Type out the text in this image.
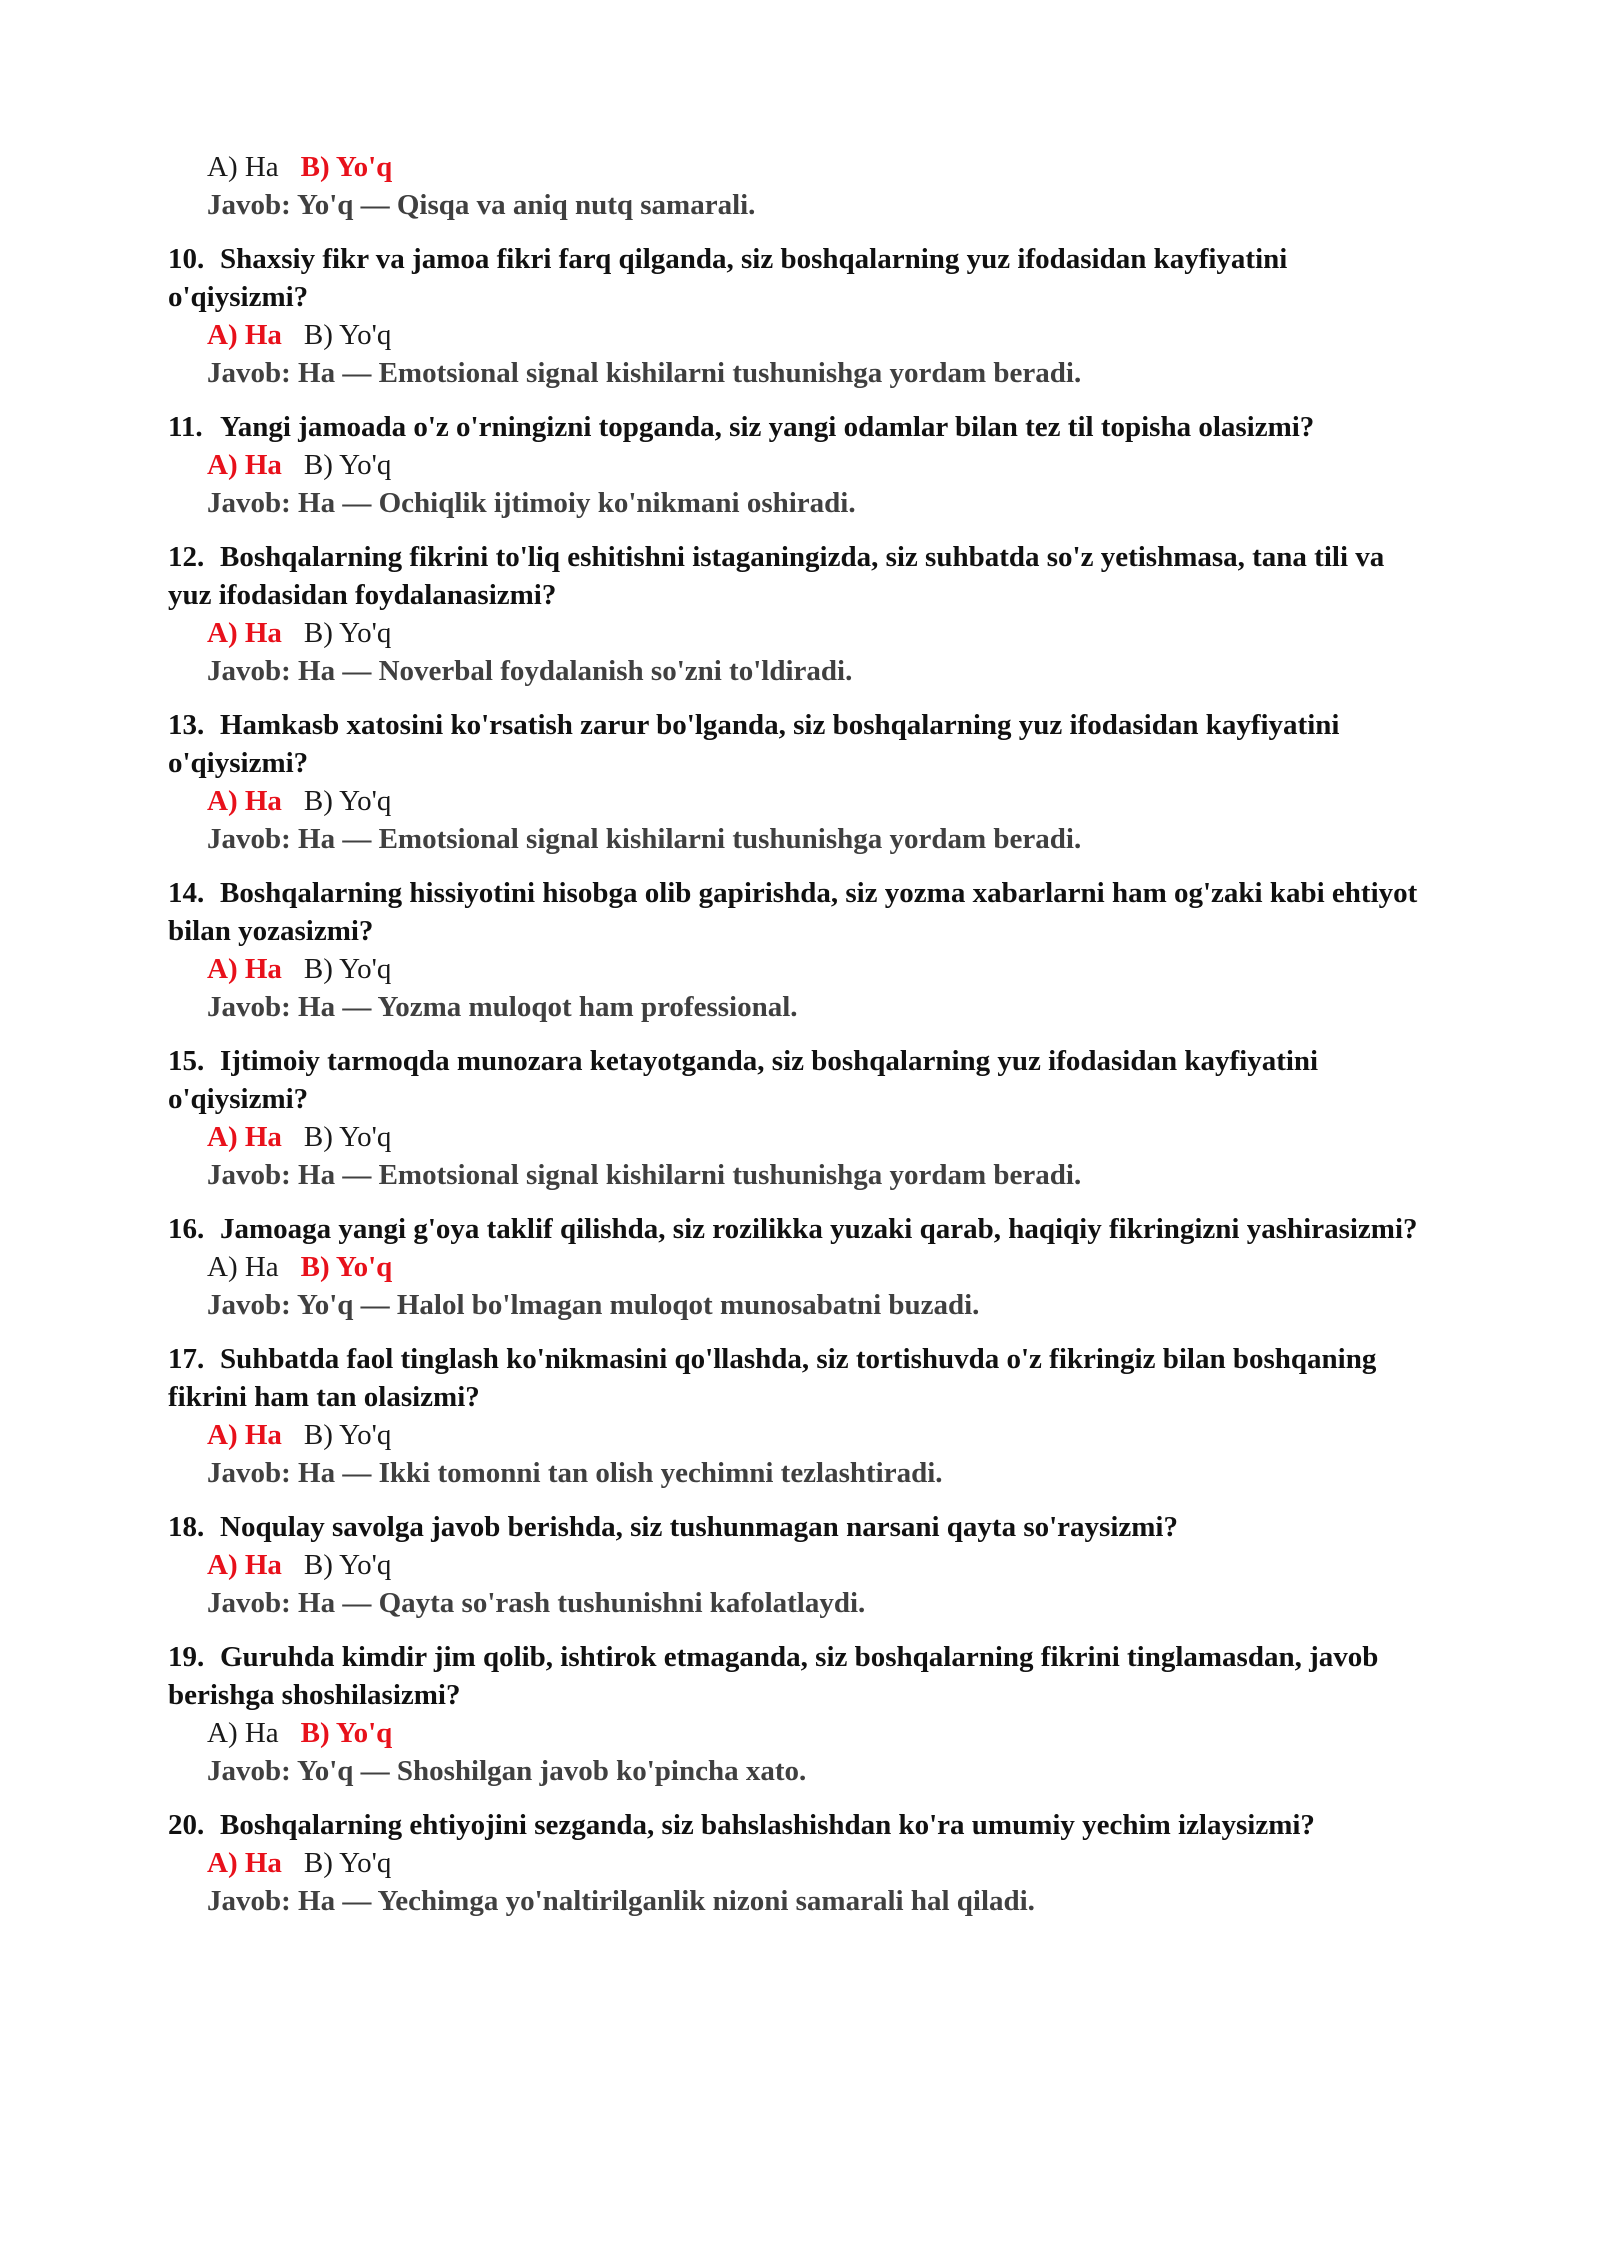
A) Ha B) Yo'q
Javob: Yo'q — Qisqa va aniq nutq samarali.
10. Shaxsiy fikr va jamoa fikri farq qilganda, siz boshqalarning yuz ifodasidan kayfiyatini o'qiysizmi?
A) Ha B) Yo'q
Javob: Ha — Emotsional signal kishilarni tushunishga yordam beradi.
11. Yangi jamoada o'z o'rningizni topganda, siz yangi odamlar bilan tez til topisha olasizmi?
A) Ha B) Yo'q
Javob: Ha — Ochiqlik ijtimoiy ko'nikmani oshiradi.
12. Boshqalarning fikrini to'liq eshitishni istaganingizda, siz suhbatda so'z yetishmasa, tana tili va yuz ifodasidan foydalanasizmi?
A) Ha B) Yo'q
Javob: Ha — Noverbal foydalanish so'zni to'ldiradi.
13. Hamkasb xatosini ko'rsatish zarur bo'lganda, siz boshqalarning yuz ifodasidan kayfiyatini o'qiysizmi?
A) Ha B) Yo'q
Javob: Ha — Emotsional signal kishilarni tushunishga yordam beradi.
14. Boshqalarning hissiyotini hisobga olib gapirishda, siz yozma xabarlarni ham og'zaki kabi ehtiyot bilan yozasizmi?
A) Ha B) Yo'q
Javob: Ha — Yozma muloqot ham professional.
15. Ijtimoiy tarmoqda munozara ketayotganda, siz boshqalarning yuz ifodasidan kayfiyatini o'qiysizmi?
A) Ha B) Yo'q
Javob: Ha — Emotsional signal kishilarni tushunishga yordam beradi.
16. Jamoaga yangi g'oya taklif qilishda, siz rozilikka yuzaki qarab, haqiqiy fikringizni yashirasizmi?
A) Ha B) Yo'q
Javob: Yo'q — Halol bo'lmagan muloqot munosabatni buzadi.
17. Suhbatda faol tinglash ko'nikmasini qo'llashda, siz tortishuvda o'z fikringiz bilan boshqaning fikrini ham tan olasizmi?
A) Ha B) Yo'q
Javob: Ha — Ikki tomonni tan olish yechimni tezlashtiradi.
18. Noqulay savolga javob berishda, siz tushunmagan narsani qayta so'raysizmi?
A) Ha B) Yo'q
Javob: Ha — Qayta so'rash tushunishni kafolatlaydi.
19. Guruhda kimdir jim qolib, ishtirok etmaganda, siz boshqalarning fikrini tinglamasdan, javob berishga shoshilasizmi?
A) Ha B) Yo'q
Javob: Yo'q — Shoshilgan javob ko'pincha xato.
20. Boshqalarning ehtiyojini sezganda, siz bahslashishdan ko'ra umumiy yechim izlaysizmi?
A) Ha B) Yo'q
Javob: Ha — Yechimga yo'naltirilganlik nizoni samarali hal qiladi.
